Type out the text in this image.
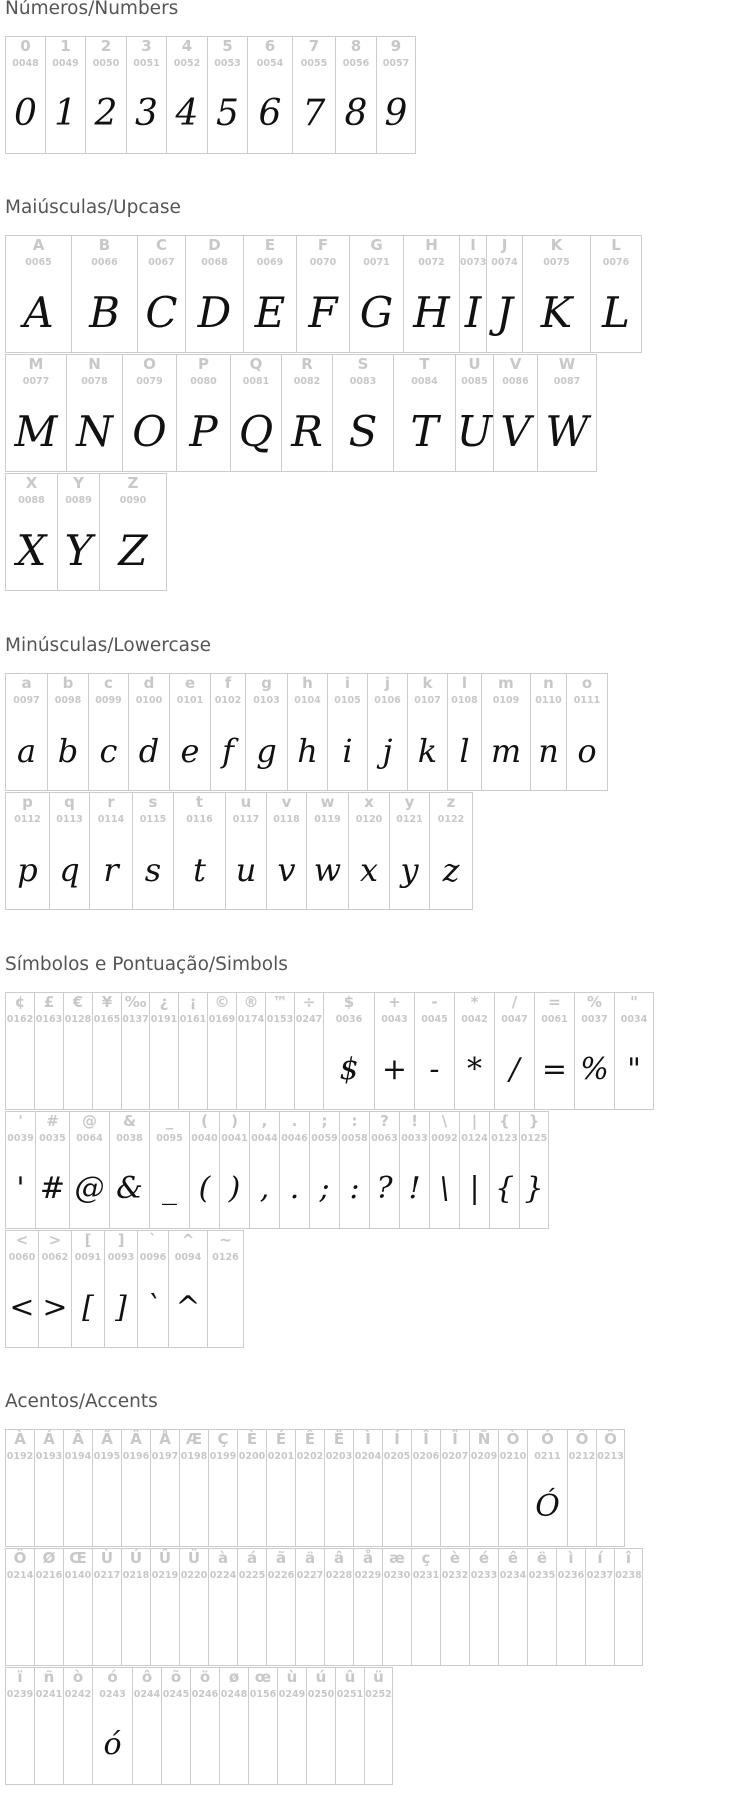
Números/Numbers
0
0048
0
1
0049
1
2
0050
2
3
0051
3
4
0052
4
5
0053
5
6
0054
6
7
0055
7
8
0056
8
9
0057
9
Maiúsculas/Upcase
A
0065
A
B
0066
B
C
0067
C
D
0068
D
E
0069
E
F
0070
F
G
0071
G
H
0072
H
I
0073
I
J
0074
J
K
0075
K
L
0076
L
M
0077
M
N
0078
N
O
0079
O
P
0080
P
Q
0081
Q
R
0082
R
S
0083
S
T
0084
T
U
0085
U
V
0086
V
W
0087
W
X
0088
X
Y
0089
Y
Z
0090
Z
Minúsculas/Lowercase
a
0097
a
b
0098
b
c
0099
c
d
0100
d
e
0101
e
f
0102
f
g
0103
g
h
0104
h
i
0105
i
j
0106
j
k
0107
k
l
0108
l
m
0109
m
n
0110
n
o
0111
o
p
0112
p
q
0113
q
r
0114
r
s
0115
s
t
0116
t
u
0117
u
v
0118
v
w
0119
w
x
0120
x
y
0121
y
z
0122
z
Símbolos e Pontuação/Simbols
¢
0162
£
0163
€
0128
¥
0165
‰
0137
¿
0191
¡
0161
©
0169
®
0174
™
0153
÷
0247
$
0036
$
+
0043
+
-
0045
-
*
0042
*
/
0047
/
=
0061
=
%
0037
%
"
0034
"
'
0039
'
#
0035
#
@
0064
@
&
0038
&
_
0095
_
(
0040
(
)
0041
)
,
0044
,
.
0046
.
;
0059
;
:
0058
:
?
0063
?
!
0033
!
\
0092
\
|
0124
|
{
0123
{
}
0125
}
<
0060
<
>
0062
>
[
0091
[
]
0093
]
`
0096
`
^
0094
^
~
0126
Acentos/Accents
À
0192
Á
0193
Â
0194
Ã
0195
Ä
0196
Å
0197
Æ
0198
Ç
0199
È
0200
É
0201
Ê
0202
Ë
0203
Ì
0204
Í
0205
Î
0206
Ï
0207
Ñ
0209
Ò
0210
Ó
0211
Ó
Ô
0212
Õ
0213
Ö
0214
Ø
0216
Œ
0140
Ù
0217
Ú
0218
Û
0219
Ü
0220
à
0224
á
0225
ã
0226
ä
0227
â
0228
å
0229
æ
0230
ç
0231
è
0232
é
0233
ê
0234
ë
0235
ì
0236
í
0237
î
0238
ï
0239
ñ
0241
ò
0242
ó
0243
ó
ô
0244
õ
0245
ö
0246
ø
0248
œ
0156
ù
0249
ú
0250
û
0251
ü
0252
